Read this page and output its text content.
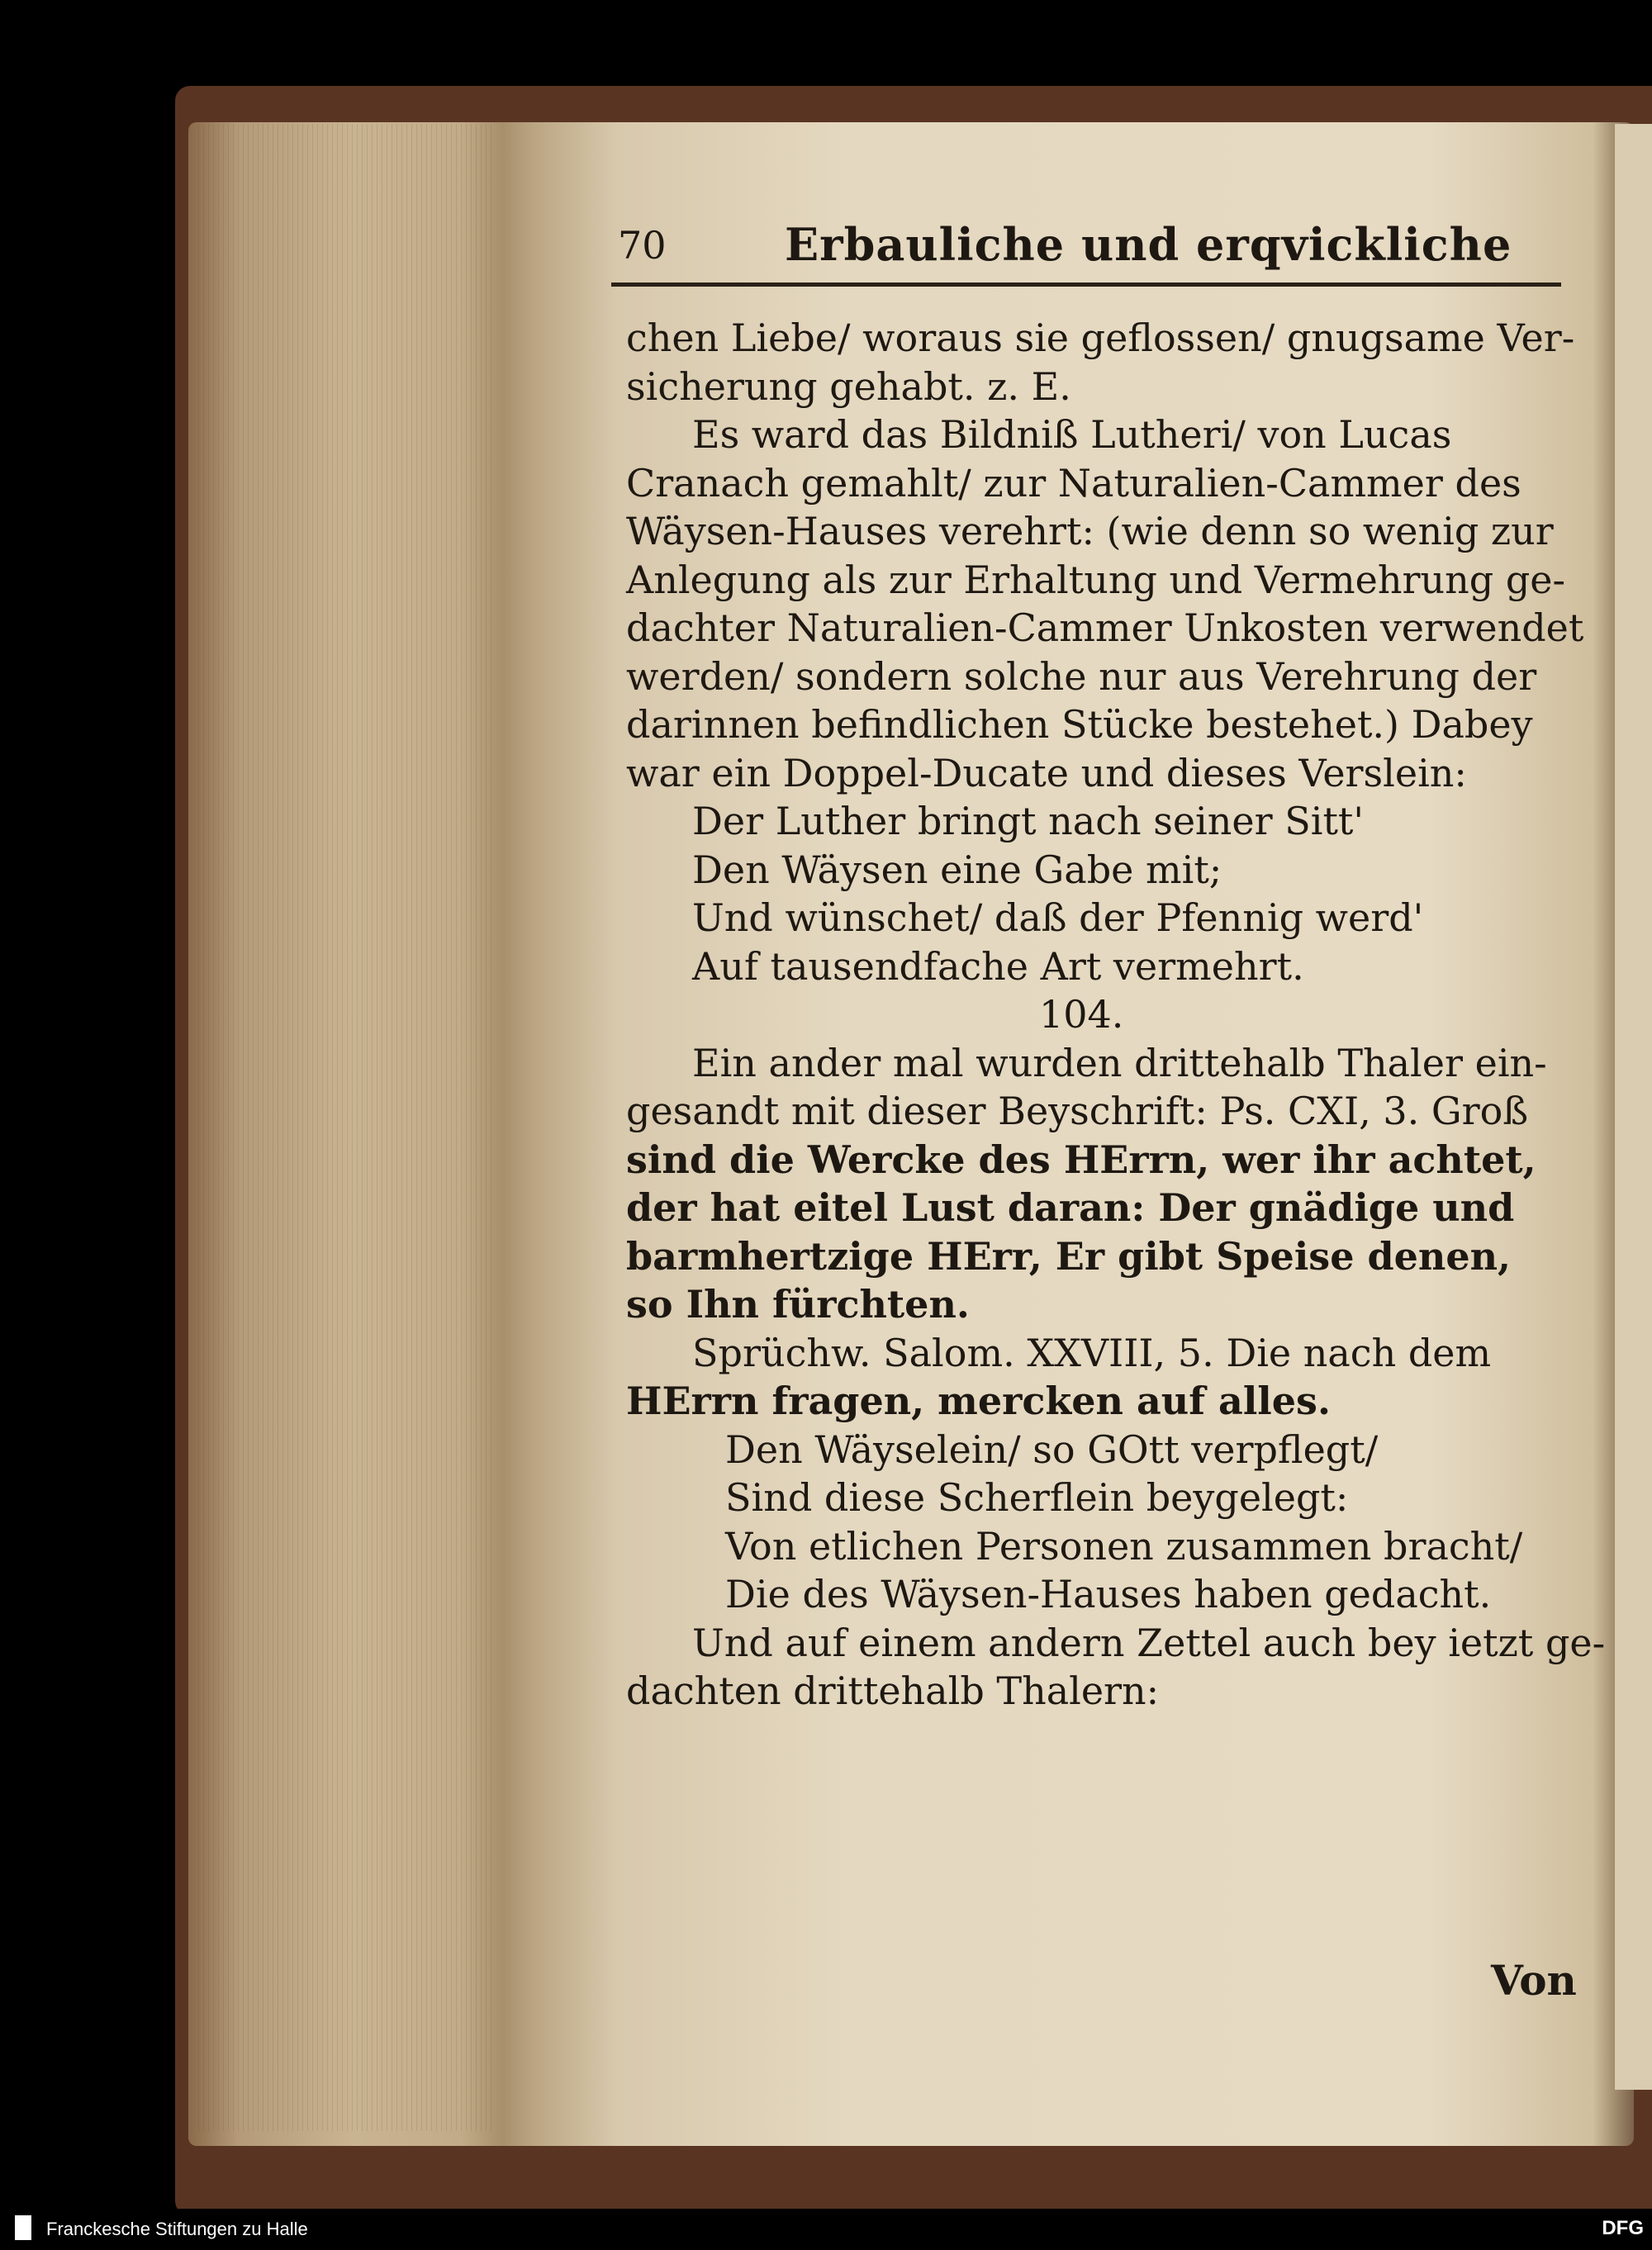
70	Erbauliche und erqvickliche
chen Liebe/ woraus sie geflossen/ gnugsame Ver-
sicherung gehabt. z. E.
Es ward das Bildniß Lutheri/ von Lucas
Cranach gemahlt/ zur Naturalien-Cammer des
Wäysen-Hauses verehrt: (wie denn so wenig zur
Anlegung als zur Erhaltung und Vermehrung ge-
dachter Naturalien-Cammer Unkosten verwendet
werden/ sondern solche nur aus Verehrung der
darinnen befindlichen Stücke bestehet.) Dabey
war ein Doppel-Ducate und dieses Verslein:
Der Luther bringt nach seiner Sitt'
Den Wäysen eine Gabe mit;
Und wünschet/ daß der Pfennig werd'
Auf tausendfache Art vermehrt.
104.
Ein ander mal wurden drittehalb Thaler ein-
gesandt mit dieser Beyschrift: Ps. CXI, 3. Groß
sind die Wercke des HErrn, wer ihr achtet,
der hat eitel Lust daran: Der gnädige und
barmhertzige HErr, Er gibt Speise denen,
so Ihn fürchten.
Sprüchw. Salom. XXVIII, 5. Die nach dem
HErrn fragen, mercken auf alles.
Den Wäyselein/ so GOtt verpflegt/
Sind diese Scherflein beygelegt:
Von etlichen Personen zusammen bracht/
Die des Wäysen-Hauses haben gedacht.
Und auf einem andern Zettel auch bey ietzt ge-
dachten drittehalb Thalern:
Von
Franckesche Stiftungen zu Halle	DFG
